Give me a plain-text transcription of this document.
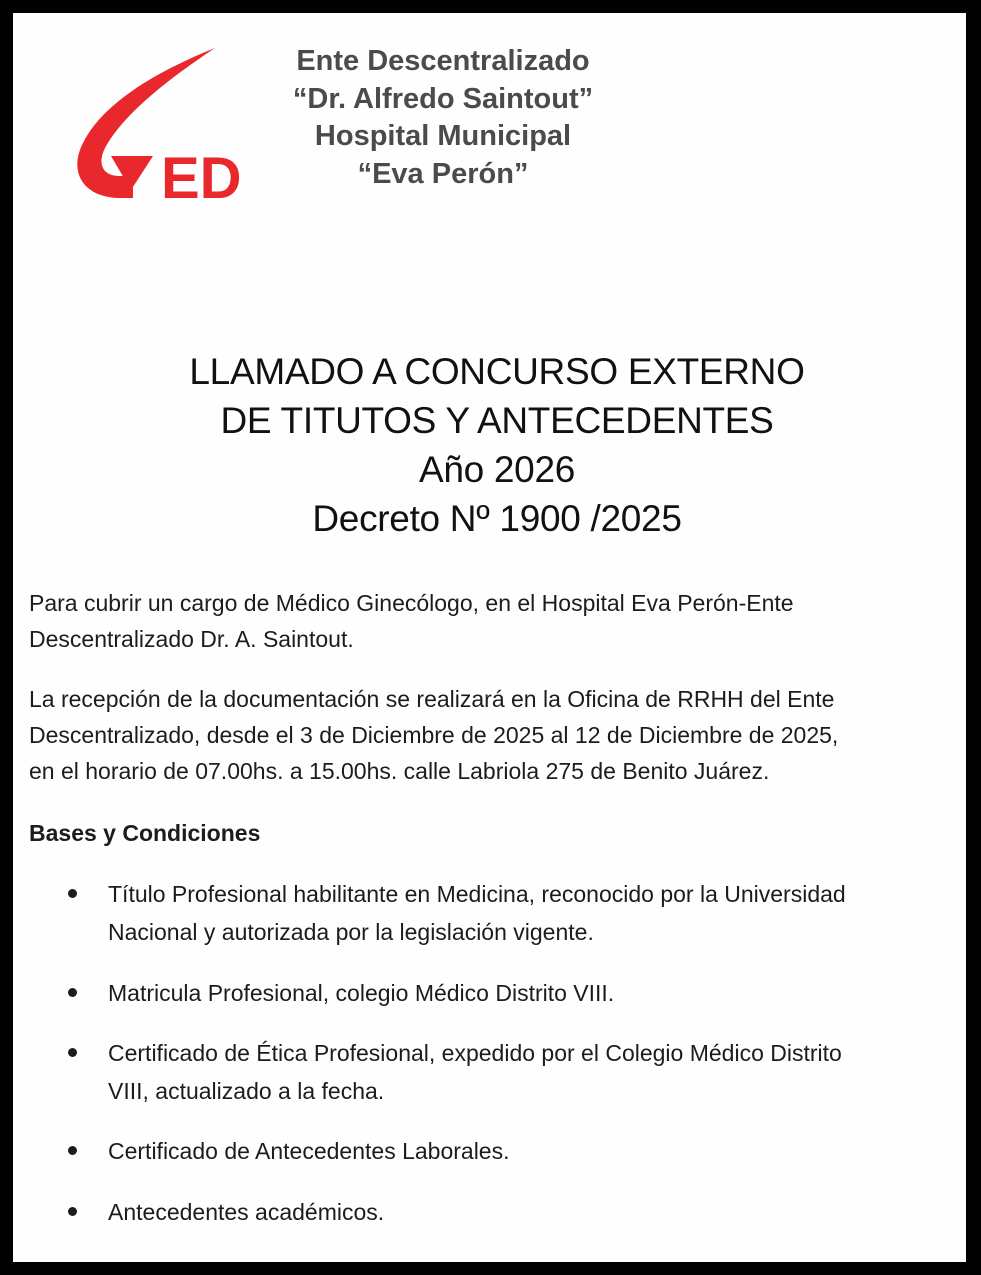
ED
Ente Descentralizado
“Dr. Alfredo Saintout”
Hospital Municipal
“Eva Perón”
LLAMADO A CONCURSO EXTERNO
DE TITUTOS Y ANTECEDENTES
Año 2026
Decreto Nº 1900 /2025
Para cubrir un cargo de Médico Ginecólogo, en el Hospital Eva Perón-Ente
Descentralizado Dr. A. Saintout.
La recepción de la documentación se realizará en la Oficina de RRHH del Ente
Descentralizado, desde el 3 de Diciembre de 2025 al 12 de Diciembre de 2025,
en el horario de 07.00hs. a 15.00hs. calle Labriola 275 de Benito Juárez.
Bases y Condiciones
Título Profesional habilitante en Medicina, reconocido por la Universidad
Nacional y autorizada por la legislación vigente.
Matricula Profesional, colegio Médico Distrito VIII.
Certificado de Ética Profesional, expedido por el Colegio Médico Distrito
VIII, actualizado a la fecha.
Certificado de Antecedentes Laborales.
Antecedentes académicos.
